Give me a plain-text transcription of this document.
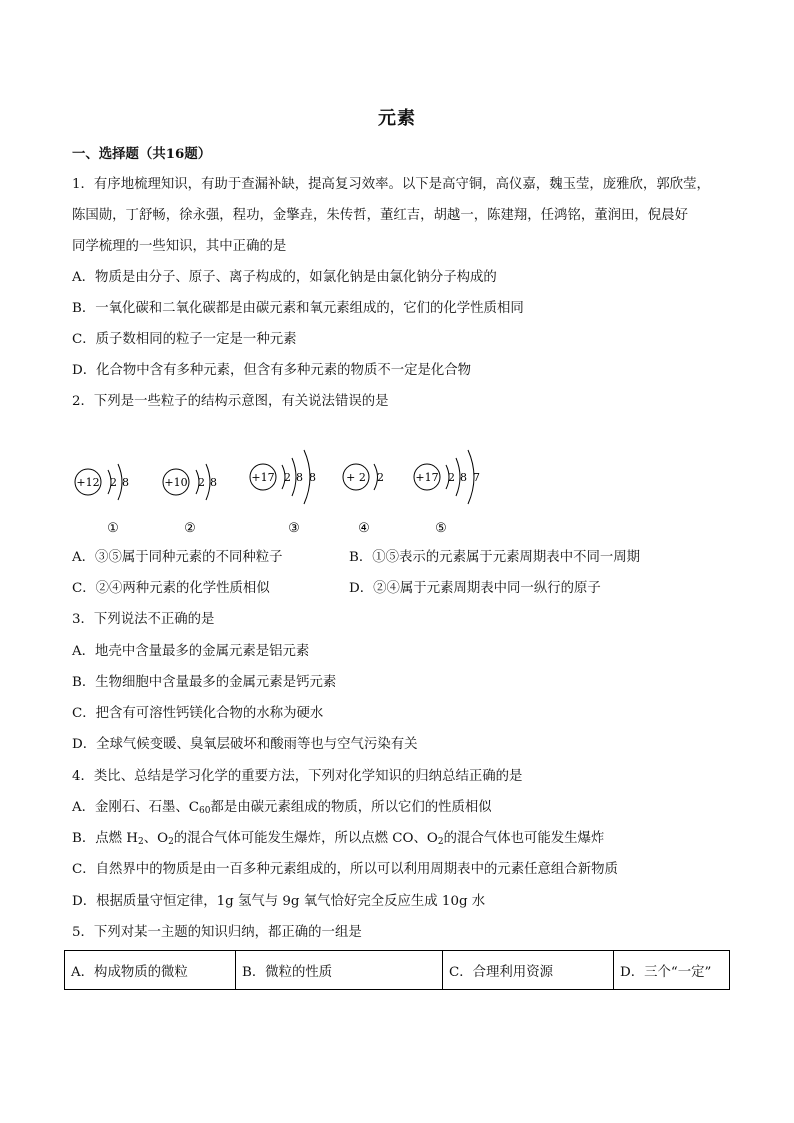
元素
一、选择题（共16题）
1．有序地梳理知识，有助于查漏补缺，提高复习效率。以下是高守铜，高仪嘉，魏玉莹，庞雅欣，郭欣莹，
陈国勋，丁舒畅，徐永强，程功，金擎垚，朱传哲，董红吉，胡越一，陈建翔，任鸿铭，董润田，倪晨好
同学梳理的一些知识，其中正确的是
A．物质是由分子、原子、离子构成的，如氯化钠是由氯化钠分子构成的
B．一氧化碳和二氧化碳都是由碳元素和氧元素组成的，它们的化学性质相同
C．质子数相同的粒子一定是一种元素
D．化合物中含有多种元素，但含有多种元素的物质不一定是化合物
2．下列是一些粒子的结构示意图，有关说法错误的是
+12 2 8
①
+10 2 8
②
+17 2 8 8
③
+ 2 2
④
+17 2 8 7
⑤
A．③⑤属于同种元素的不同种粒子	B．①⑤表示的元素属于元素周期表中不同一周期
C．②④两种元素的化学性质相似	D．②④属于元素周期表中同一纵行的原子
3．下列说法不正确的是
A．地壳中含量最多的金属元素是铝元素
B．生物细胞中含量最多的金属元素是钙元素
C．把含有可溶性钙镁化合物的水称为硬水
D．全球气候变暖、臭氧层破坏和酸雨等也与空气污染有关
4．类比、总结是学习化学的重要方法，下列对化学知识的归纳总结正确的是
A．金刚石、石墨、$C_{60}$都是由碳元素组成的物质，所以它们的性质相似
B．点燃 $H_2$、$O_2$的混合气体可能发生爆炸，所以点燃 CO、$O_2$的混合气体也可能发生爆炸
C．自然界中的物质是由一百多种元素组成的，所以可以利用周期表中的元素任意组合新物质
D．根据质量守恒定律，1g 氢气与 9g 氧气恰好完全反应生成 10g 水
5．下列对某一主题的知识归纳，都正确的一组是
A．构成物质的微粒	B．微粒的性质	C．合理利用资源	D．三个“一定”
